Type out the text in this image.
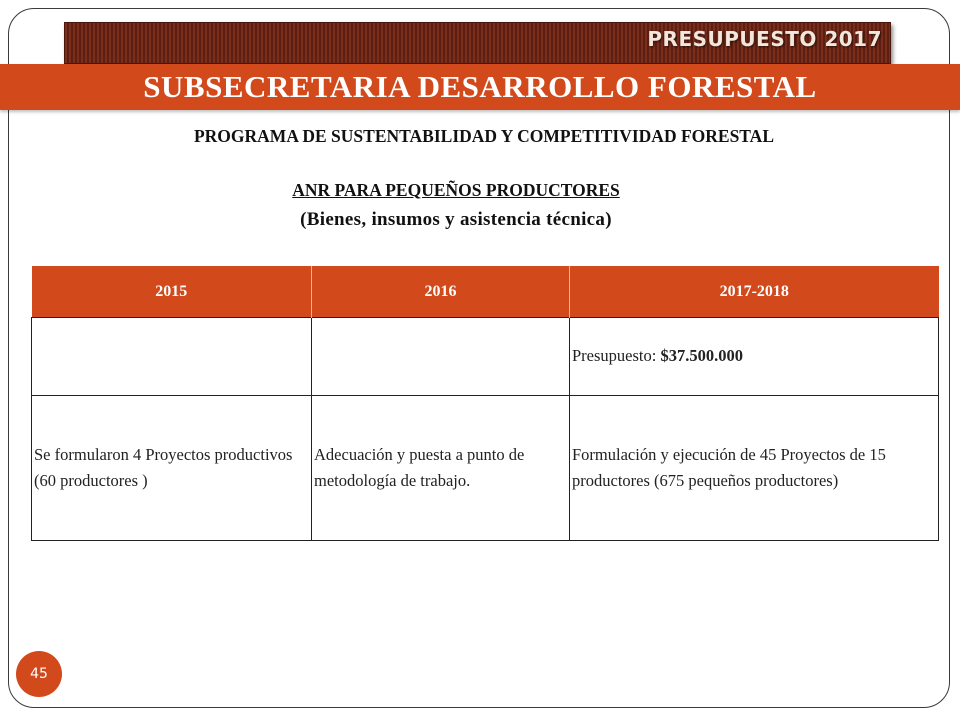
PRESUPUESTO 2017
SUBSECRETARIA DESARROLLO FORESTAL
PROGRAMA DE SUSTENTABILIDAD Y COMPETITIVIDAD FORESTAL
ANR PARA PEQUEÑOS PRODUCTORES
(Bienes, insumos y asistencia técnica)
2015	2016	2017-2018
		Presupuesto: $37.500.000
Se formularon 4 Proyectos productivos (60 productores )	Adecuación y puesta a punto de metodología de trabajo.	Formulación y ejecución de 45 Proyectos de 15 productores (675 pequeños productores)
45
